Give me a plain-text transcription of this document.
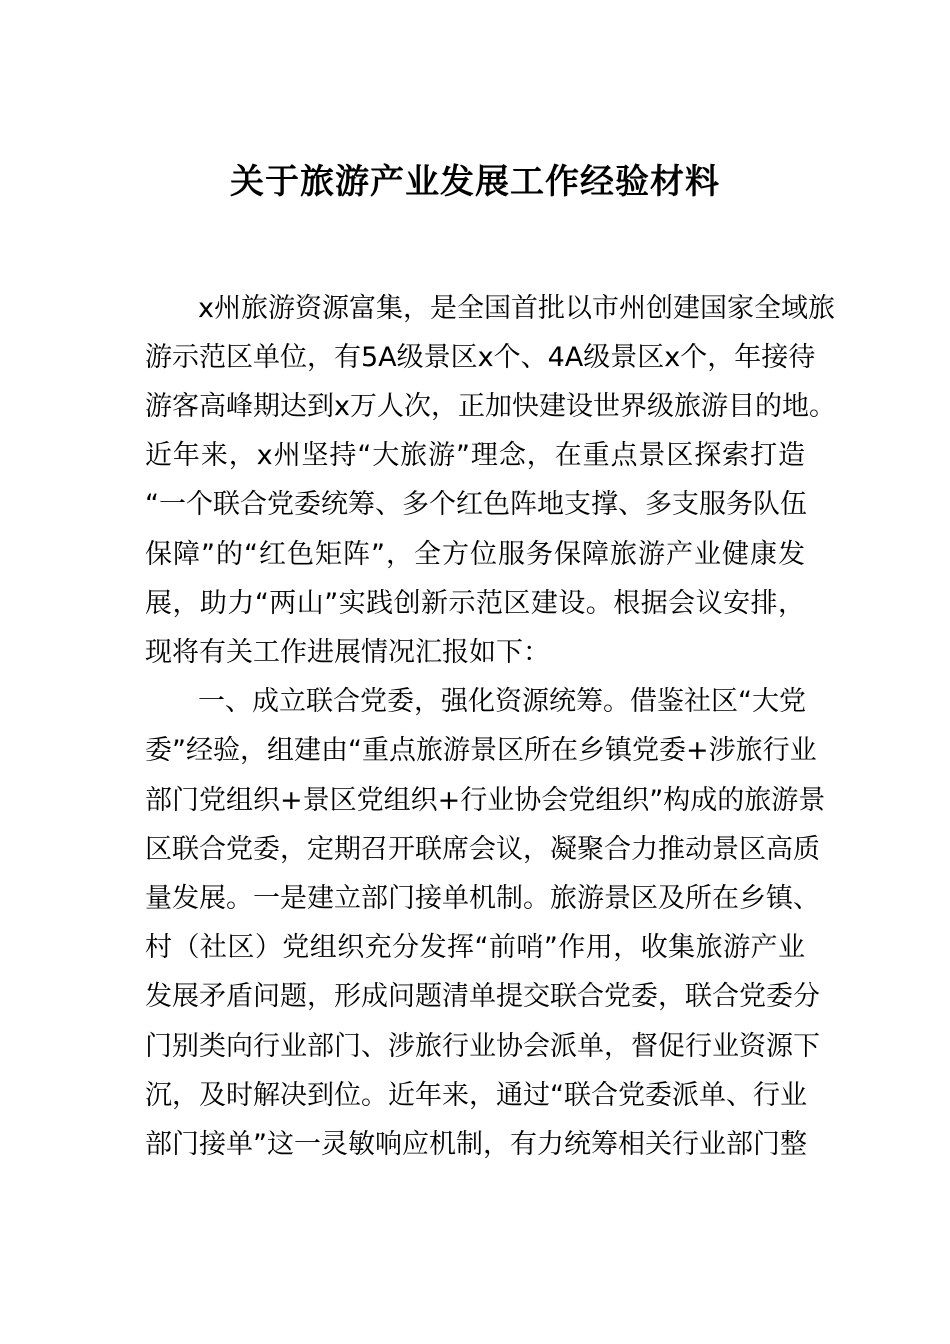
关于旅游产业发展工作经验材料
x州旅游资源富集，是全国首批以市州创建国家全域旅
游示范区单位，有5A级景区x个、4A级景区x个，年接待
游客高峰期达到x万人次，正加快建设世界级旅游目的地。
近年来，x州坚持“大旅游”理念，在重点景区探索打造
“一个联合党委统筹、多个红色阵地支撑、多支服务队伍
保障”的“红色矩阵”，全方位服务保障旅游产业健康发
展，助力“两山”实践创新示范区建设。根据会议安排，
现将有关工作进展情况汇报如下：
一、成立联合党委，强化资源统筹。借鉴社区“大党
委”经验，组建由“重点旅游景区所在乡镇党委+涉旅行业
部门党组织+景区党组织+行业协会党组织”构成的旅游景
区联合党委，定期召开联席会议，凝聚合力推动景区高质
量发展。一是建立部门接单机制。旅游景区及所在乡镇、
村（社区）党组织充分发挥“前哨”作用，收集旅游产业
发展矛盾问题，形成问题清单提交联合党委，联合党委分
门别类向行业部门、涉旅行业协会派单，督促行业资源下
沉，及时解决到位。近年来，通过“联合党委派单、行业
部门接单”这一灵敏响应机制，有力统筹相关行业部门整
